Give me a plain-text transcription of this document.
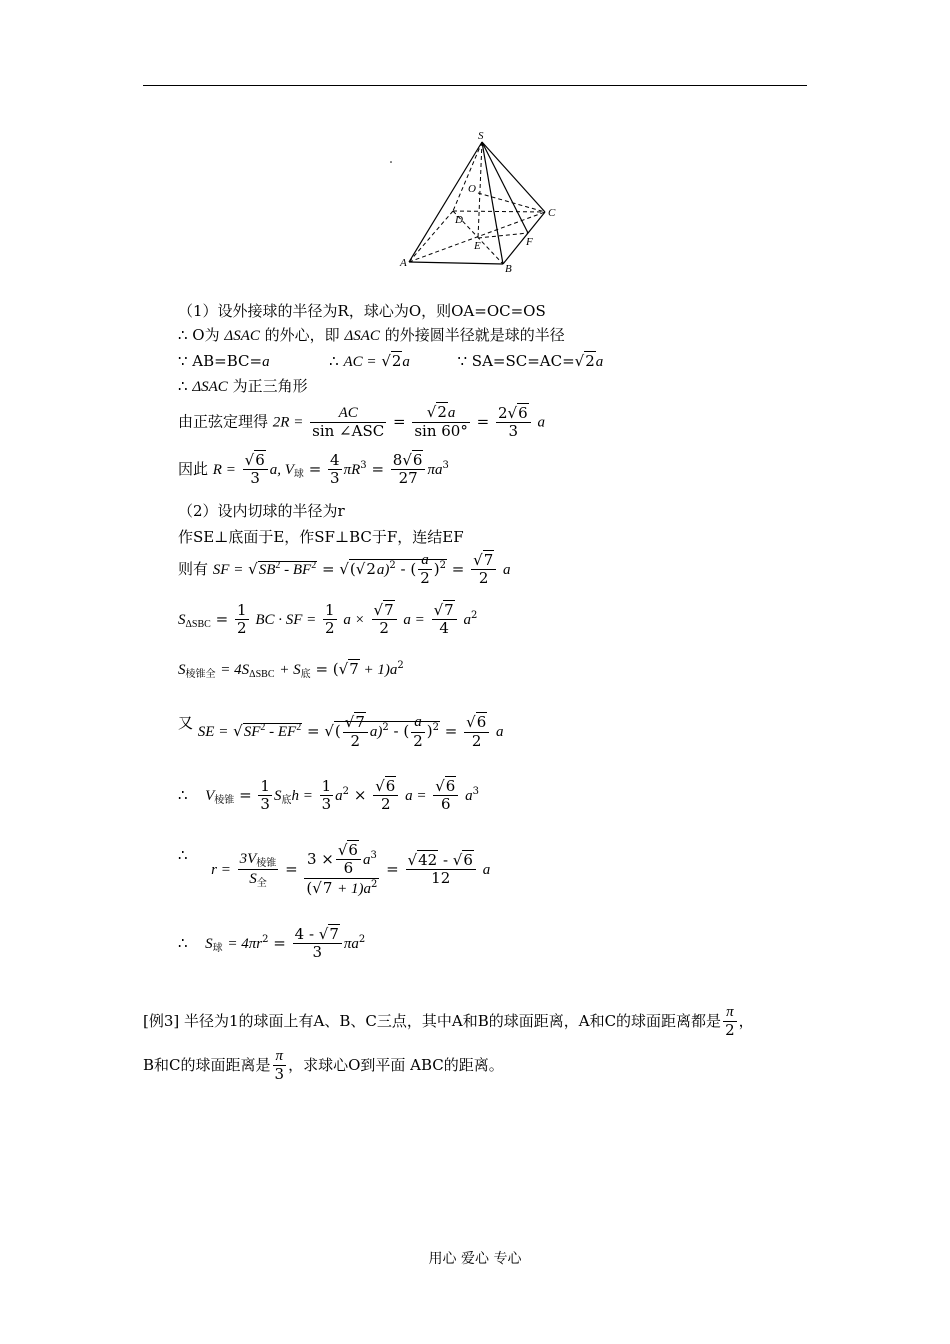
S
O
D
C
E	F
A	B
（1）设外接球的半径为R，球心为O，则OA=OC=OS
∴ O为 ΔSAC 的外心，即 ΔSAC 的外接圆半径就是球的半径
∵ AB=BC=a	∴ AC = √2a	∵ SA=SC=AC=√2a
∴ ΔSAC 为正三角形
由正弦定理得 $2R = \frac{AC}{\text{sin ∠ASC}} = \frac{√2a}{\sin 60^\circ} = \frac{2√6}{3}$ a
因此 $R = \frac{√6}{3} a$, $V_球 = \frac{4}{3} \pi R^3 = \frac{8√6}{27} \pi a^3$
（2）设内切球的半径为r
作SE⊥底面于E，作SF⊥BC于F，连结EF
则有 SF = $√SB^2 - BF^2 = √(√2a)^2$ - ( $\frac{a}{2} )^2 = \frac{√7}{2}$ a
$S_{\Delta SBC} = \frac{1}{2}$ BC · SF = $\frac{1}{2}$ $a \times \frac{√7}{2}$ $a = \frac{√7}{4} a^2$
$S_{棱锥全} = 4S_{\Delta SBC} + S_底 = (√7 + 1)a^2$
又 SE = $√SF^2 - EF^2$ = √( $\frac{√7}{2} a)^2$ - ( $\frac{a}{2} )^2 = \frac{√6}{2}$ a
∴ $V_{棱锥} = \frac{1}{3} S_底h = \frac{1}{3} a^2 \times \frac{√6}{2}$ $a = \frac{√6}{6} a^3$
∴  $r = \frac{3V_{棱锥}}{S_全} = \frac{3 \times \frac{√6}{6} a^3}{(√7 + 1)a^2} = \frac{√42 - √6}{12}$ a
∴ $S_球 = 4\pi r^2 = \frac{4 - √7}{3} \pi a^2$
[例3] 半径为1的球面上有A、B、C三点，其中A和B的球面距离，A和C的球面距离都是 $\frac{\pi}{2}$ ，
B和C的球面距离是 $\frac{\pi}{3}$ ，求球心O到平面 ABC的距离。
用心 爱心 专心
